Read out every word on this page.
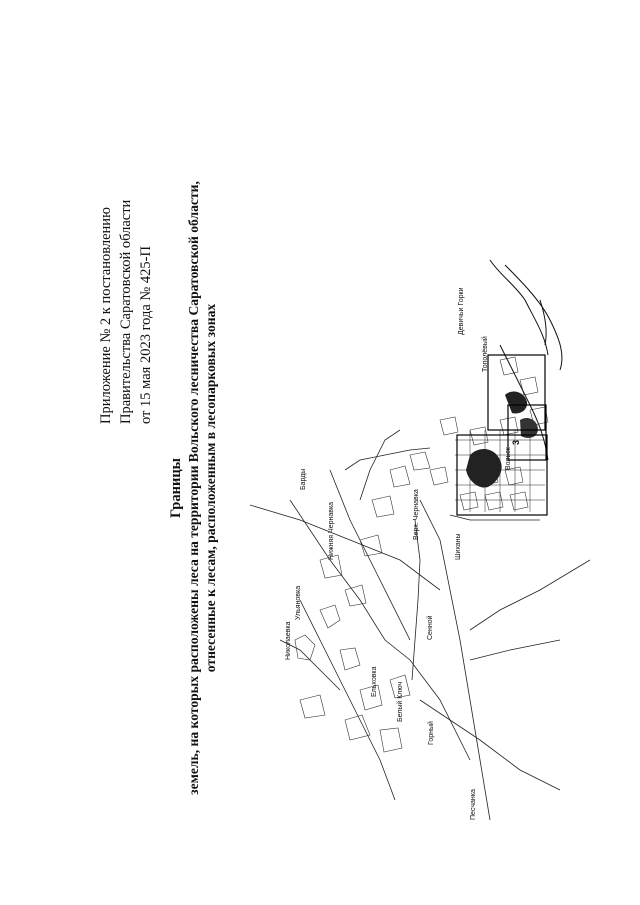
Приложение № 2 к постановлению Правительства Саратовской области от 15 мая 2023 года № 425-П
Границы земель, на которых расположены леса на территории Вольского лесничества Саратовской области, отнесенные к лесам, расположенным в лесопарковых зонах
Песчанка
Горный
Белый Ключ
Ельховка
Николаевка
Ульяновка
Сенной
Шиханы
Нижняя Чернавка	Верх. Чернавка
Барды
Вольск
Тополёвый
Девичьи Горки
3
